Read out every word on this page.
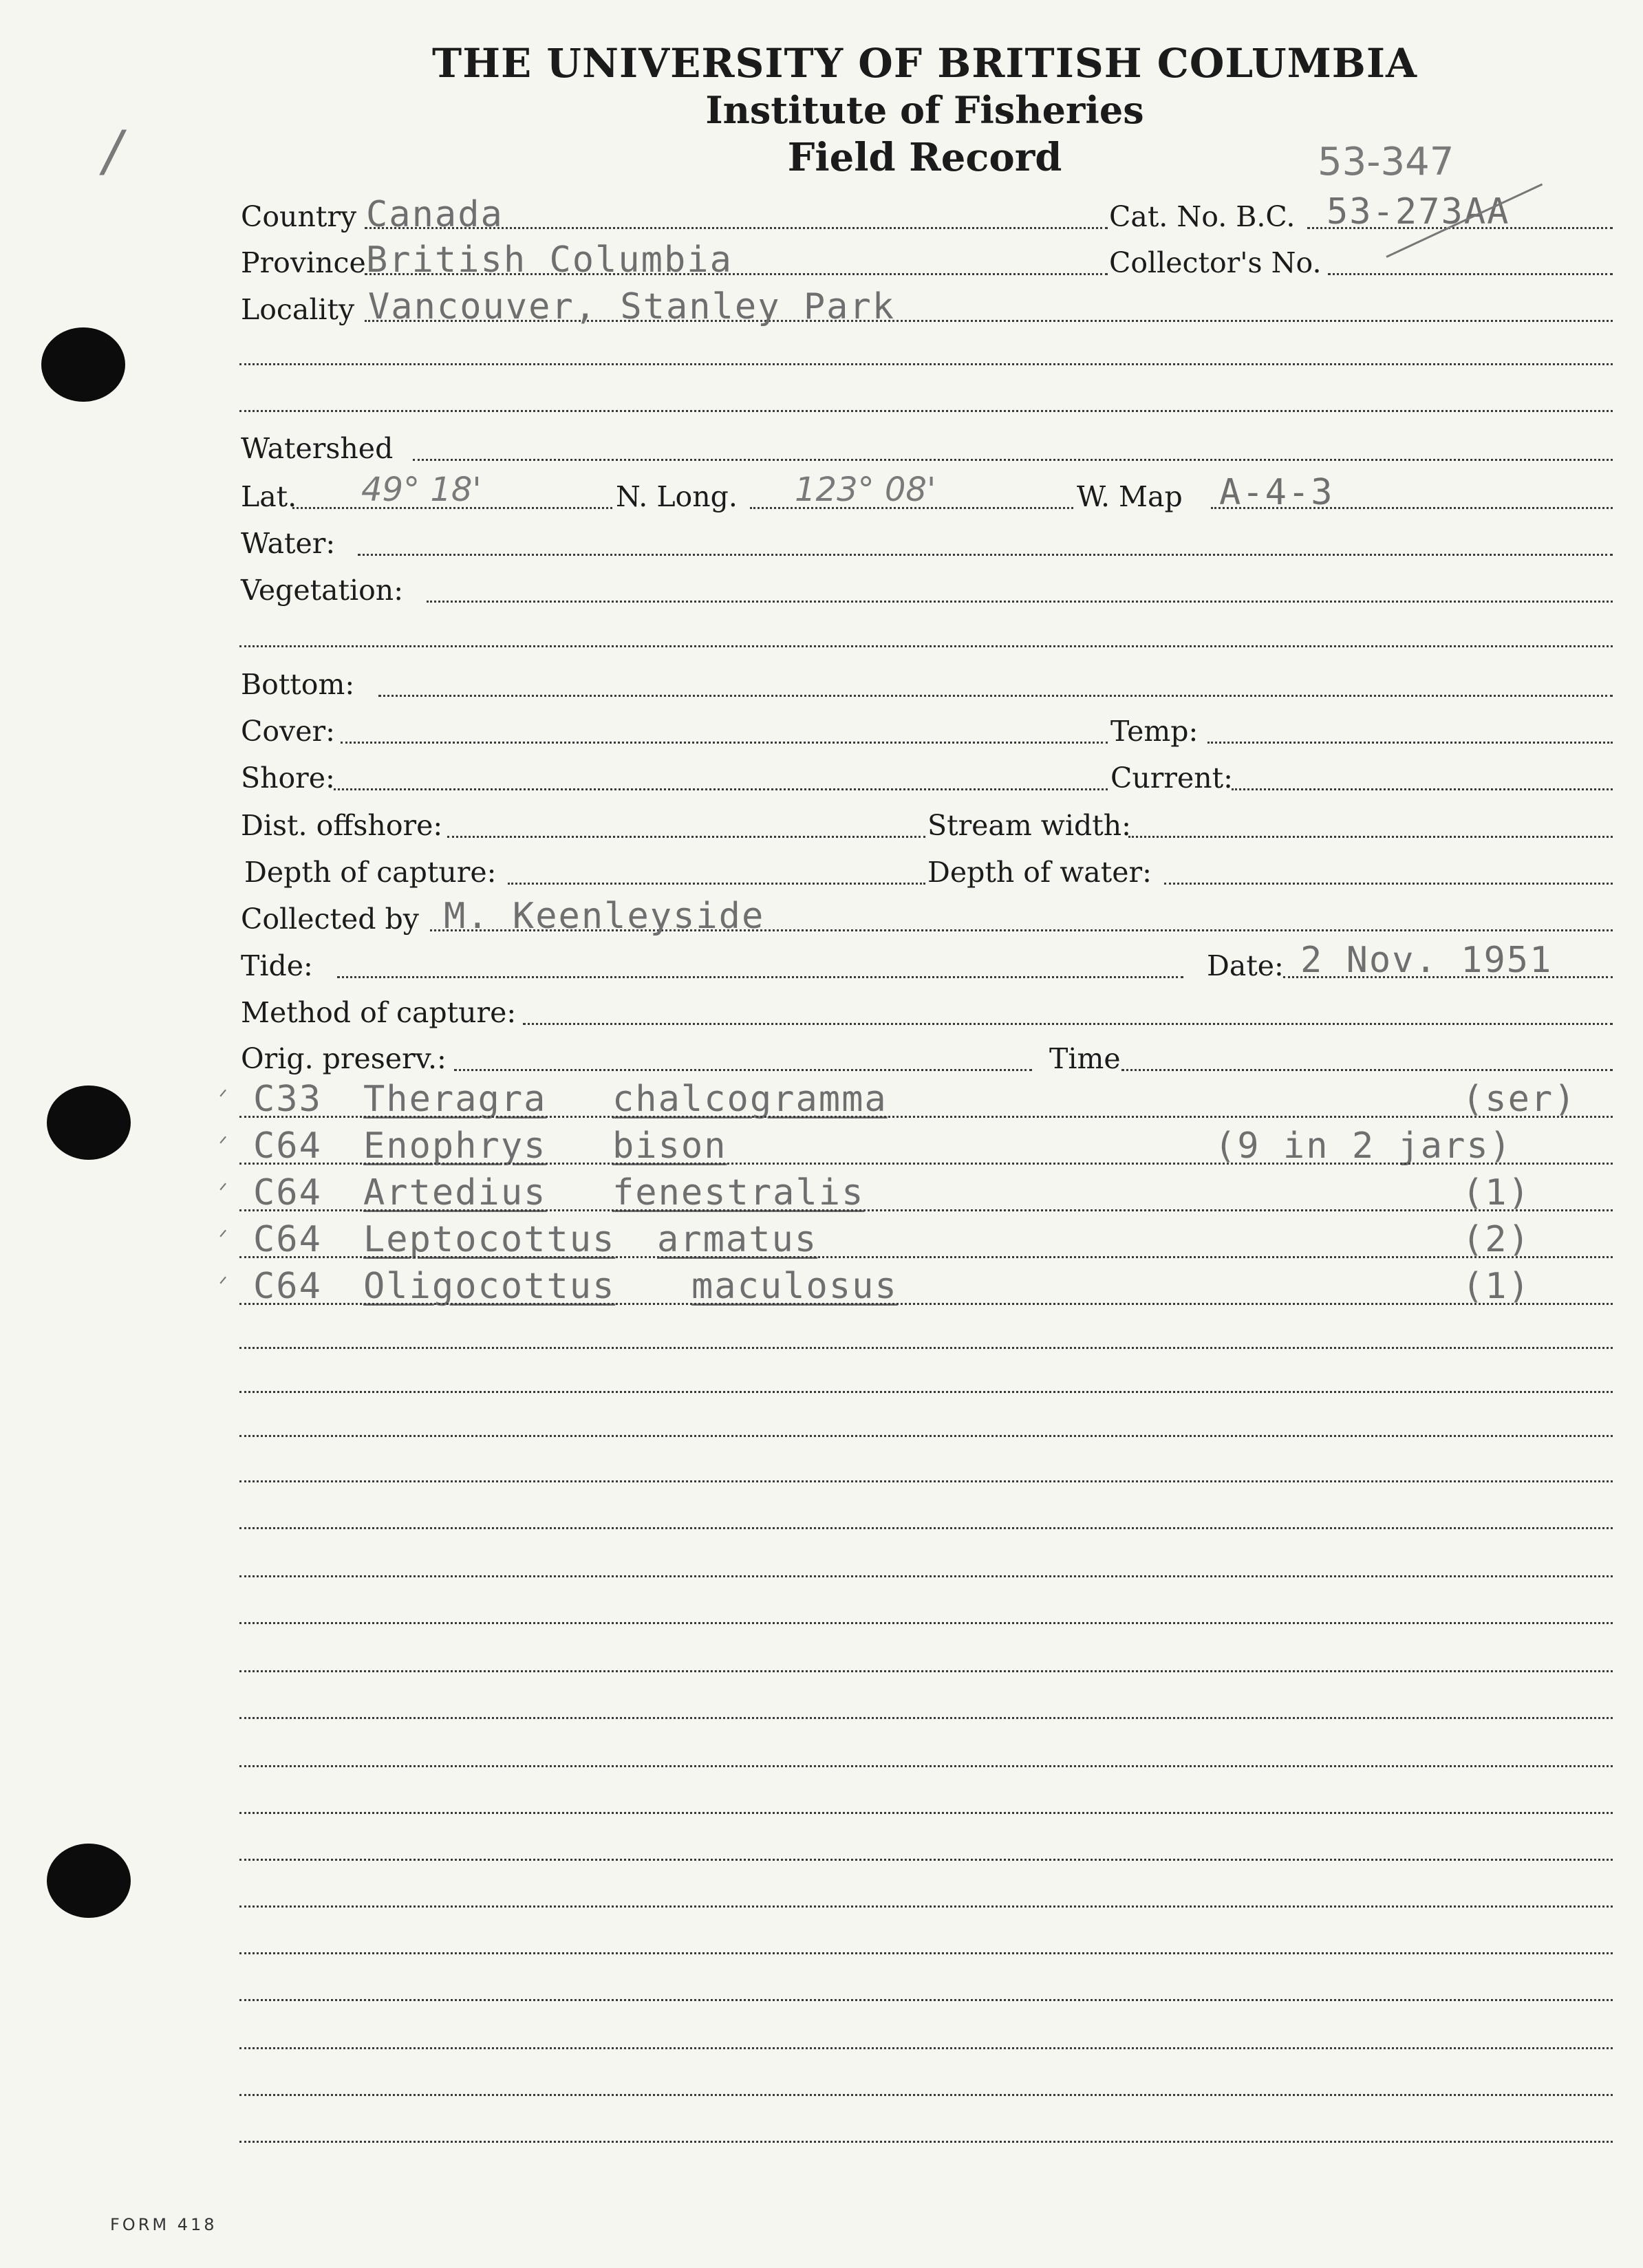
/
THE UNIVERSITY OF BRITISH COLUMBIA
Institute of Fisheries
Field Record
Country Canada	Cat. No. B.C. 53-273AA
53-347
Province British Columbia	Collector's No.
Locality Vancouver, Stanley Park
Watershed
Lat. 49° 18'	N. Long. 123° 08'	W. Map A-4-3
Water:
Vegetation:
Bottom:
Cover:	Temp:
Shore:	Current:
Dist. offshore:	Stream width:
Depth of capture:	Depth of water:
Collected by M. Keenleyside
Tide:	Date: 2 Nov. 1951
Method of capture:
Orig. preserv.:	Time
ᐟ C33 Theragra chalcogramma	(ser)
ᐟ C64 Enophrys bison	(9 in 2 jars)
ᐟ C64 Artedius fenestralis	(1)
ᐟ C64 Leptocottus armatus	(2)
ᐟ C64 Oligocottus maculosus	(1)
FORM 418
